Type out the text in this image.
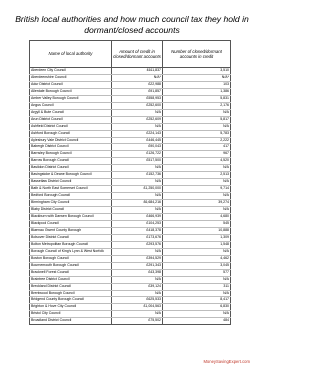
British local authorities and how much council tax they hold in dormant/closed accounts
Name of local authority	Amount of credit in closed/dormant accounts	Number of closed/dormant accounts in credit
Aberdeen City Council	£611,837	3,510
Aberdeenshire Council	N/A*	N/A*
Adur District Council	£22,988	103
Allerdale Borough Council	£91,857	1,386
Amber Valley Borough Council	£558,953	5,831
Angus Council	£252,600	2,176
Argyll & Bute Council	N/A	N/A
Arun District Council	£252,609	5,817
Ashfield District Council	N/A	N/A
Ashford Borough Council	£224,143	5,783
Aylesbury Vale District Council	£446,445	2,222
Babergh District Council	£90,043	417
Barnsley Borough Council	£126,722	967
Barrow Borough Council	£517,500	4,520
Basildon District Council	N/A	N/A
Basingstoke & Deane Borough Council	£152,736	2,513
Bassetlaw District Council	N/A	N/A
Bath & North East Somerset Council	£1,250,000	9,714
Bedford Borough Council	N/A	N/A
Birmingham City Council	£6,684,216	39,274
Blaby District Council	N/A	N/A
Blackburn with Darwen Borough Council	£466,939	4,680
Blackpool Council	£104,253	545
Blaenau Gwent County Borough	£418,378	10,888
Bolsover District Council	£173,676	1,309
Bolton Metropolitan Borough Council	£293,576	1,548
Borough Council of King's Lynn & West Norfolk	N/A	N/A
Boston Borough Council	£394,529	4,462
Bournemouth Borough Council	£291,343	3,045
Bracknell Forest Council	£43,398	577
Braintree District Council	N/A	N/A
Breckland District Council	£39,124	311
Brentwood Borough Council	N/A	N/A
Bridgend County Borough Council	£625,533	8,417
Brighton & Hove City Council	£1,004,563	6,830
Bristol City Council	N/A	N/A
Broadland District Council	£75,502	484
MoneySavingExpert.com
